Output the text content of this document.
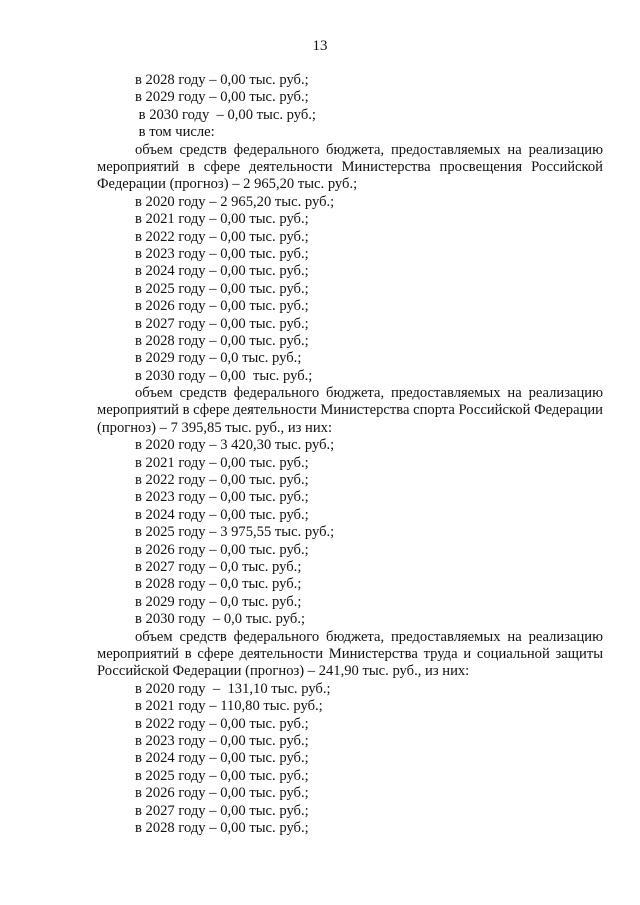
13

в 2028 году – 0,00 тыс. руб.;

в 2029 году – 0,00 тыс. руб.;

в 2030 году  – 0,00 тыс. руб.;

в том числе:

объем средств федерального бюджета, предоставляемых на реализацию мероприятий в сфере деятельности Министерства просвещения Российской Федерации (прогноз) – 2 965,20 тыс. руб.;

в 2020 году – 2 965,20 тыс. руб.;

в 2021 году – 0,00 тыс. руб.;

в 2022 году – 0,00 тыс. руб.;

в 2023 году – 0,00 тыс. руб.;

в 2024 году – 0,00 тыс. руб.;

в 2025 году – 0,00 тыс. руб.;

в 2026 году – 0,00 тыс. руб.;

в 2027 году – 0,00 тыс. руб.;

в 2028 году – 0,00 тыс. руб.;

в 2029 году – 0,0 тыс. руб.;

в 2030 году – 0,00  тыс. руб.;

объем средств федерального бюджета, предоставляемых на реализацию мероприятий в сфере деятельности Министерства спорта Российской Федерации (прогноз) – 7 395,85 тыс. руб., из них:

в 2020 году – 3 420,30 тыс. руб.;

в 2021 году – 0,00 тыс. руб.;

в 2022 году – 0,00 тыс. руб.;

в 2023 году – 0,00 тыс. руб.;

в 2024 году – 0,00 тыс. руб.;

в 2025 году – 3 975,55 тыс. руб.;

в 2026 году – 0,00 тыс. руб.;

в 2027 году – 0,0 тыс. руб.;

в 2028 году – 0,0 тыс. руб.;

в 2029 году – 0,0 тыс. руб.;

в 2030 году  – 0,0 тыс. руб.;

объем средств федерального бюджета, предоставляемых на реализацию мероприятий в сфере деятельности Министерства труда и социальной защиты Российской Федерации (прогноз) – 241,90 тыс. руб., из них:

в 2020 году  –  131,10 тыс. руб.;

в 2021 году – 110,80 тыс. руб.;

в 2022 году – 0,00 тыс. руб.;

в 2023 году – 0,00 тыс. руб.;

в 2024 году – 0,00 тыс. руб.;

в 2025 году – 0,00 тыс. руб.;

в 2026 году – 0,00 тыс. руб.;

в 2027 году – 0,00 тыс. руб.;

в 2028 году – 0,00 тыс. руб.;
